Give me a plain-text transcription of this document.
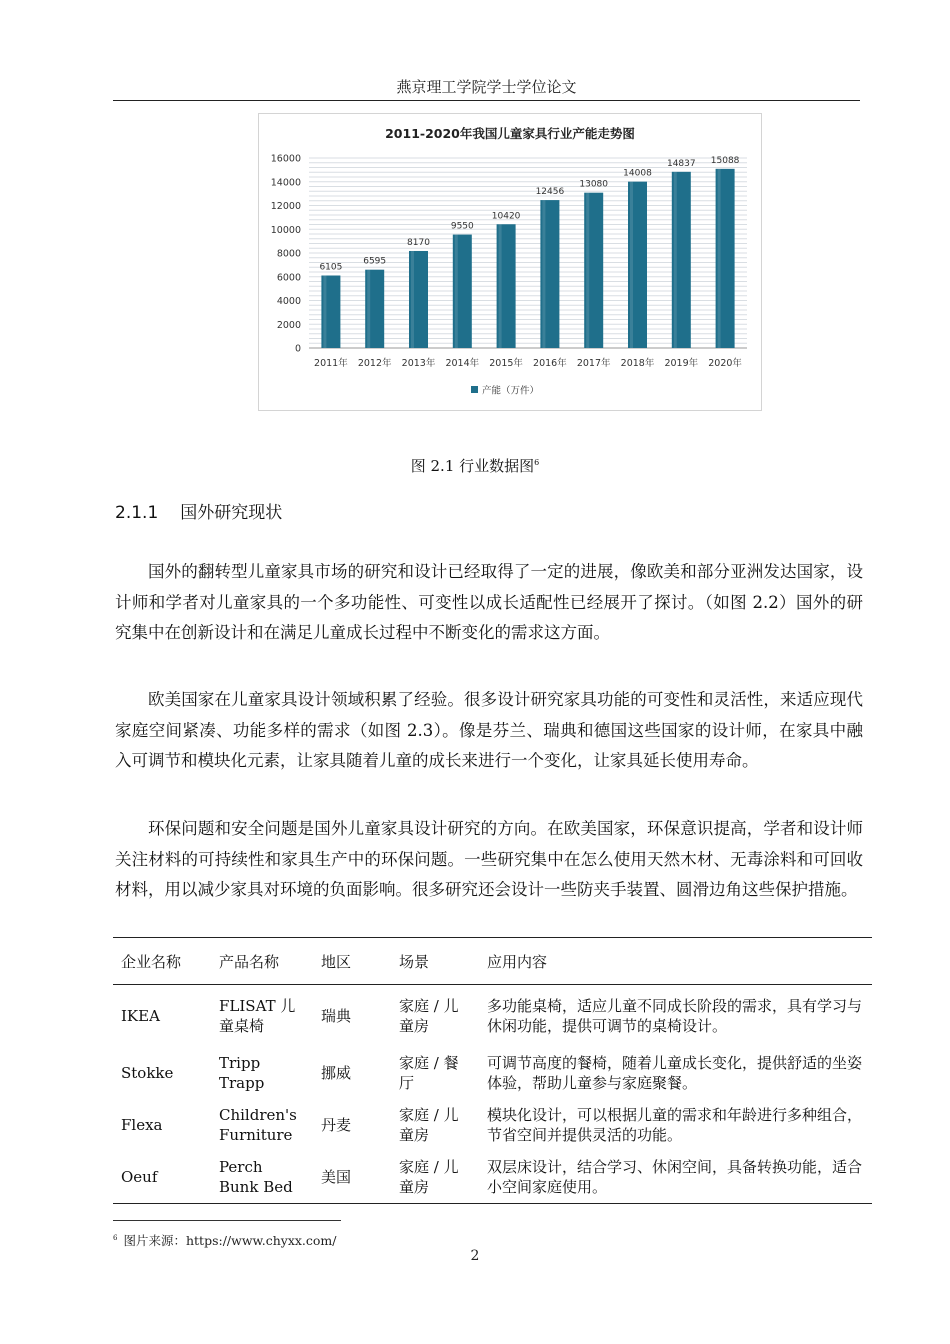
燕京理工学院学士学位论文
2011-2020年我国儿童家具行业产能走势图
0
2000
4000
6000
8000
10000
12000
14000
16000
6105
2011年
6595
2012年
8170
2013年
9550
2014年
10420
2015年
12456
2016年
13080
2017年
14008
2018年
14837
2019年
15088
2020年
产能（万件）
图 2.1 行业数据图$^6$
2.1.1 国外研究现状
国外的翻转型儿童家具市场的研究和设计已经取得了一定的进展，像欧美和部分亚洲发达国家，设计师和学者对儿童家具的一个多功能性、可变性以成长适配性已经展开了探讨。（如图 2.2）国外的研究集中在创新设计和在满足儿童成长过程中不断变化的需求这方面。
欧美国家在儿童家具设计领域积累了经验。很多设计研究家具功能的可变性和灵活性，来适应现代家庭空间紧凑、功能多样的需求（如图 2.3）。像是芬兰、瑞典和德国这些国家的设计师，在家具中融入可调节和模块化元素，让家具随着儿童的成长来进行一个变化，让家具延长使用寿命。
环保问题和安全问题是国外儿童家具设计研究的方向。在欧美国家，环保意识提高，学者和设计师关注材料的可持续性和家具生产中的环保问题。一些研究集中在怎么使用天然木材、无毒涂料和可回收材料，用以减少家具对环境的负面影响。很多研究还会设计一些防夹手装置、圆滑边角这些保护措施。
企业名称	产品名称	地区	场景	应用内容
IKEA	FLISAT 儿童桌椅	瑞典	家庭 / 儿童房	多功能桌椅，适应儿童不同成长阶段的需求，具有学习与休闲功能，提供可调节的桌椅设计。
Stokke	Tripp Trapp	挪威	家庭 / 餐厅	可调节高度的餐椅，随着儿童成长变化，提供舒适的坐姿体验，帮助儿童参与家庭聚餐。
Flexa	Children's Furniture	丹麦	家庭 / 儿童房	模块化设计，可以根据儿童的需求和年龄进行多种组合，节省空间并提供灵活的功能。
Oeuf	Perch Bunk Bed	美国	家庭 / 儿童房	双层床设计，结合学习、休闲空间，具备转换功能，适合小空间家庭使用。
$^6$ 图片来源：https://www.chyxx.com/
2
